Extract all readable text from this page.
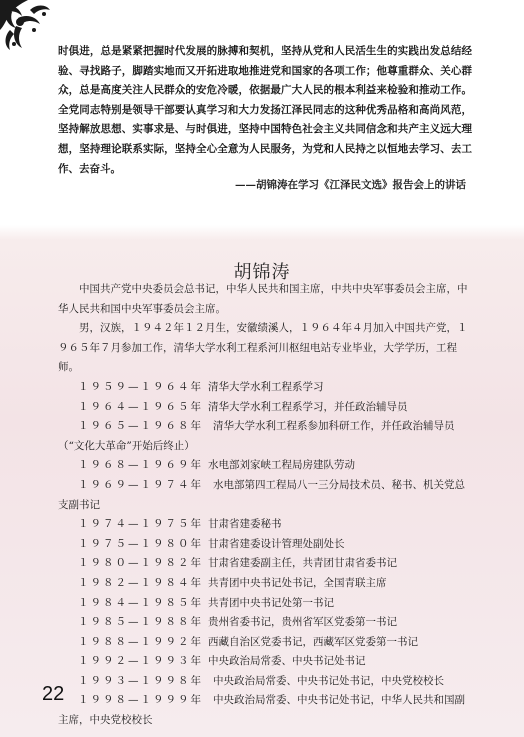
时俱进，总是紧紧把握时代发展的脉搏和契机，坚持从党和人民活生生的实践出发总结经验、寻找路子，脚踏实地而又开拓进取地推进党和国家的各项工作；他尊重群众、关心群众，总是高度关注人民群众的安危冷暖，依据最广大人民的根本利益来检验和推动工作。全党同志特别是领导干部要认真学习和大力发扬江泽民同志的这种优秀品格和高尚风范，坚持解放思想、实事求是、与时俱进，坚持中国特色社会主义共同信念和共产主义远大理想，坚持理论联系实际，坚持全心全意为人民服务，为党和人民持之以恒地去学习、去工作、去奋斗。
——胡锦涛在学习《江泽民文选》报告会上的讲话
胡锦涛

中国共产党中央委员会总书记，中华人民共和国主席，中共中央军事委员会主席，中华人民共和国中央军事委员会主席。

男，汉族，１９４２年１２月生，安徽绩溪人，１９６４年４月加入中国共产党，１９６５年７月参加工作，清华大学水利工程系河川枢纽电站专业毕业，大学学历，工程师。

１９５９—１９６４年 清华大学水利工程系学习
１９６４—１９６５年 清华大学水利工程系学习，并任政治辅导员
１９６５—１９６８年 清华大学水利工程系参加科研工作，并任政治辅导员（“文化大革命”开始后终止）
１９６８—１９６９年 水电部刘家峡工程局房建队劳动
１９６９—１９７４年 水电部第四工程局八一三分局技术员、秘书、机关党总支副书记
１９７４—１９７５年 甘肃省建委秘书
１９７５—１９８０年 甘肃省建委设计管理处副处长
１９８０—１９８２年 甘肃省建委副主任，共青团甘肃省委书记
１９８２—１９８４年 共青团中央书记处书记，全国青联主席
１９８４—１９８５年 共青团中央书记处第一书记
１９８５—１９８８年 贵州省委书记，贵州省军区党委第一书记
１９８８—１９９２年 西藏自治区党委书记，西藏军区党委第一书记
１９９２—１９９３年 中央政治局常委、中央书记处书记
１９９３—１９９８年 中央政治局常委、中央书记处书记，中央党校校长
１９９８—１９９９年 中央政治局常委、中央书记处书记，中华人民共和国副主席，中央党校校长
22
